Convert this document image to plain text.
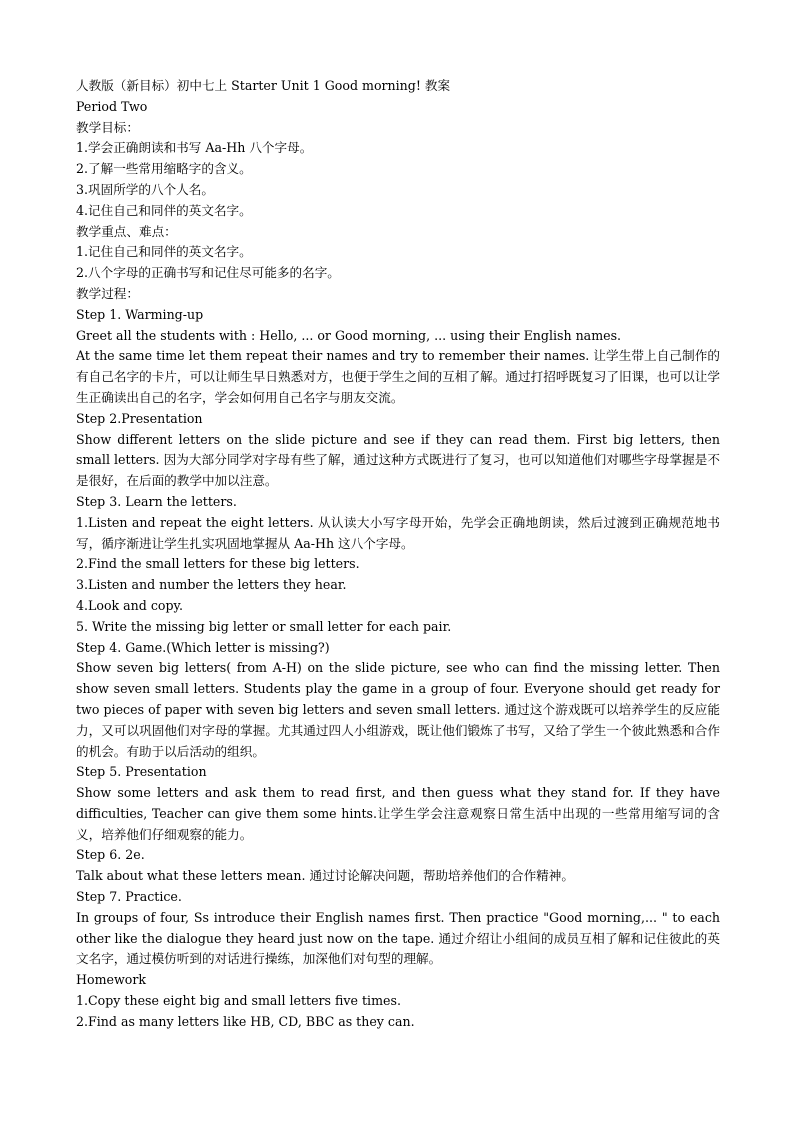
人教版（新目标）初中七上 Starter Unit 1 Good morning! 教案

Period Two

教学目标：

1.学会正确朗读和书写 Aa-Hh 八个字母。

2.了解一些常用缩略字的含义。

3.巩固所学的八个人名。

4.记住自己和同伴的英文名字。

教学重点、难点：

1.记住自己和同伴的英文名字。

2.八个字母的正确书写和记住尽可能多的名字。

教学过程：

Step 1. Warming-up

Greet all the students with : Hello, ... or Good morning, ... using their English names.

At the same time let them repeat their names and try to remember their names. 让学生带上自己制作的有自己名字的卡片，可以让师生早日熟悉对方，也便于学生之间的互相了解。通过打招呼既复习了旧课，也可以让学生正确读出自己的名字，学会如何用自己名字与朋友交流。

Step 2.Presentation

Show different letters on the slide picture and see if they can read them. First big letters, then small letters. 因为大部分同学对字母有些了解，通过这种方式既进行了复习，也可以知道他们对哪些字母掌握是不是很好，在后面的教学中加以注意。

Step 3. Learn the letters.

1.Listen and repeat the eight letters. 从认读大小写字母开始，先学会正确地朗读，然后过渡到正确规范地书写，循序渐进让学生扎实巩固地掌握从 Aa-Hh 这八个字母。

2.Find the small letters for these big letters.

3.Listen and number the letters they hear.

4.Look and copy.

5. Write the missing big letter or small letter for each pair.

Step 4. Game.(Which letter is missing?)

Show seven big letters( from A-H) on the slide picture, see who can find the missing letter. Then show seven small letters. Students play the game in a group of four. Everyone should get ready for two pieces of paper with seven big letters and seven small letters. 通过这个游戏既可以培养学生的反应能力，又可以巩固他们对字母的掌握。尤其通过四人小组游戏，既让他们锻炼了书写，又给了学生一个彼此熟悉和合作的机会。有助于以后活动的组织。

Step 5. Presentation

Show some letters and ask them to read first, and then guess what they stand for. If they have difficulties, Teacher can give them some hints.让学生学会注意观察日常生活中出现的一些常用缩写词的含义，培养他们仔细观察的能力。

Step 6. 2e.

Talk about what these letters mean. 通过讨论解决问题，帮助培养他们的合作精神。

Step 7. Practice.

In groups of four, Ss introduce their English names first. Then practice "Good morning,... " to each other like the dialogue they heard just now on the tape. 通过介绍让小组间的成员互相了解和记住彼此的英文名字，通过模仿听到的对话进行操练，加深他们对句型的理解。

Homework

1.Copy these eight big and small letters five times.

2.Find as many letters like HB, CD, BBC as they can.
